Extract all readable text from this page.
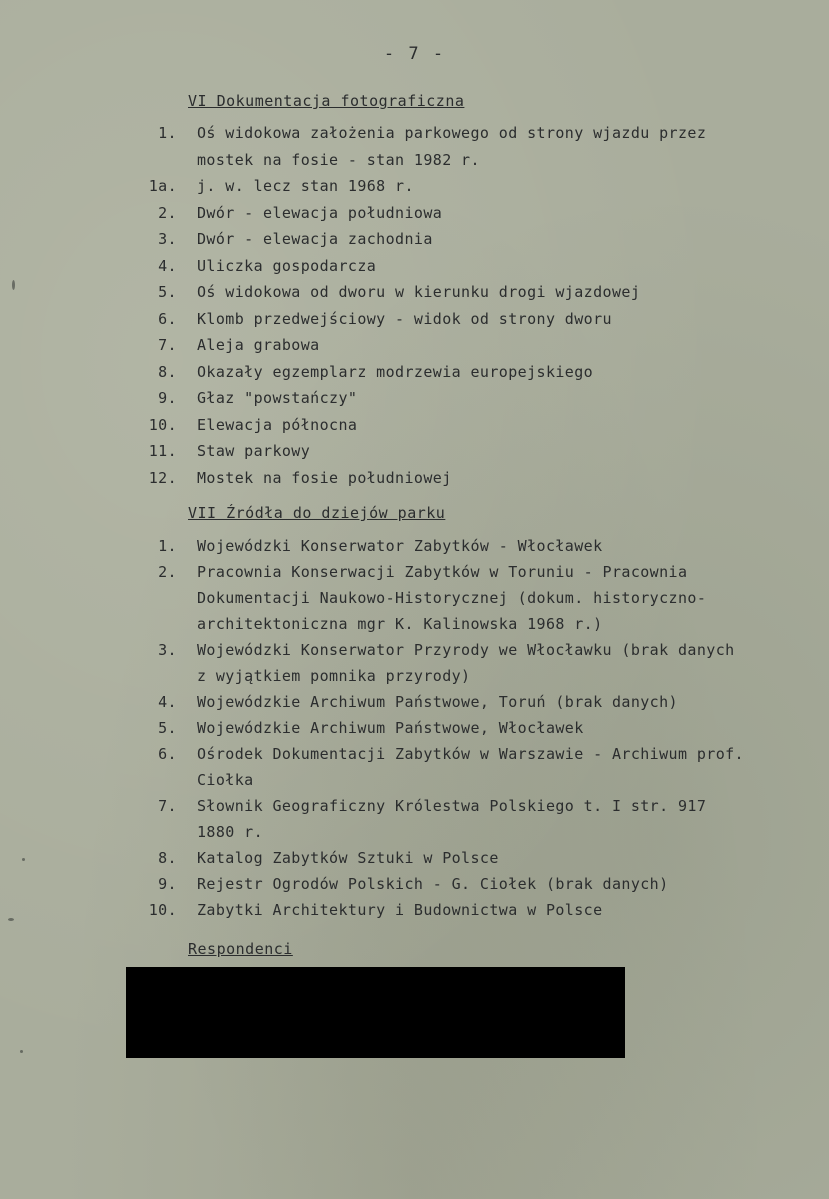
- 7 -
VI Dokumentacja fotograficzna
1. Oś widokowa założenia parkowego od strony wjazdu przez
mostek na fosie - stan 1982 r.
1a. j. w. lecz stan 1968 r.
2. Dwór - elewacja południowa
3. Dwór - elewacja zachodnia
4. Uliczka gospodarcza
5. Oś widokowa od dworu w kierunku drogi wjazdowej
6. Klomb przedwejściowy - widok od strony dworu
7. Aleja grabowa
8. Okazały egzemplarz modrzewia europejskiego
9. Głaz "powstańczy"
10. Elewacja północna
11. Staw parkowy
12. Mostek na fosie południowej
VII Źródła do dziejów parku
1. Wojewódzki Konserwator Zabytków - Włocławek
2. Pracownia Konserwacji Zabytków w Toruniu - Pracownia
Dokumentacji Naukowo-Historycznej (dokum. historyczno-
architektoniczna mgr K. Kalinowska 1968 r.)
3. Wojewódzki Konserwator Przyrody we Włocławku (brak danych
z wyjątkiem pomnika przyrody)
4. Wojewódzkie Archiwum Państwowe, Toruń (brak danych)
5. Wojewódzkie Archiwum Państwowe, Włocławek
6. Ośrodek Dokumentacji Zabytków w Warszawie - Archiwum prof.
Ciołka
7. Słownik Geograficzny Królestwa Polskiego t. I str. 917
1880 r.
8. Katalog Zabytków Sztuki w Polsce
9. Rejestr Ogrodów Polskich - G. Ciołek (brak danych)
10. Zabytki Architektury i Budownictwa w Polsce
Respondenci
